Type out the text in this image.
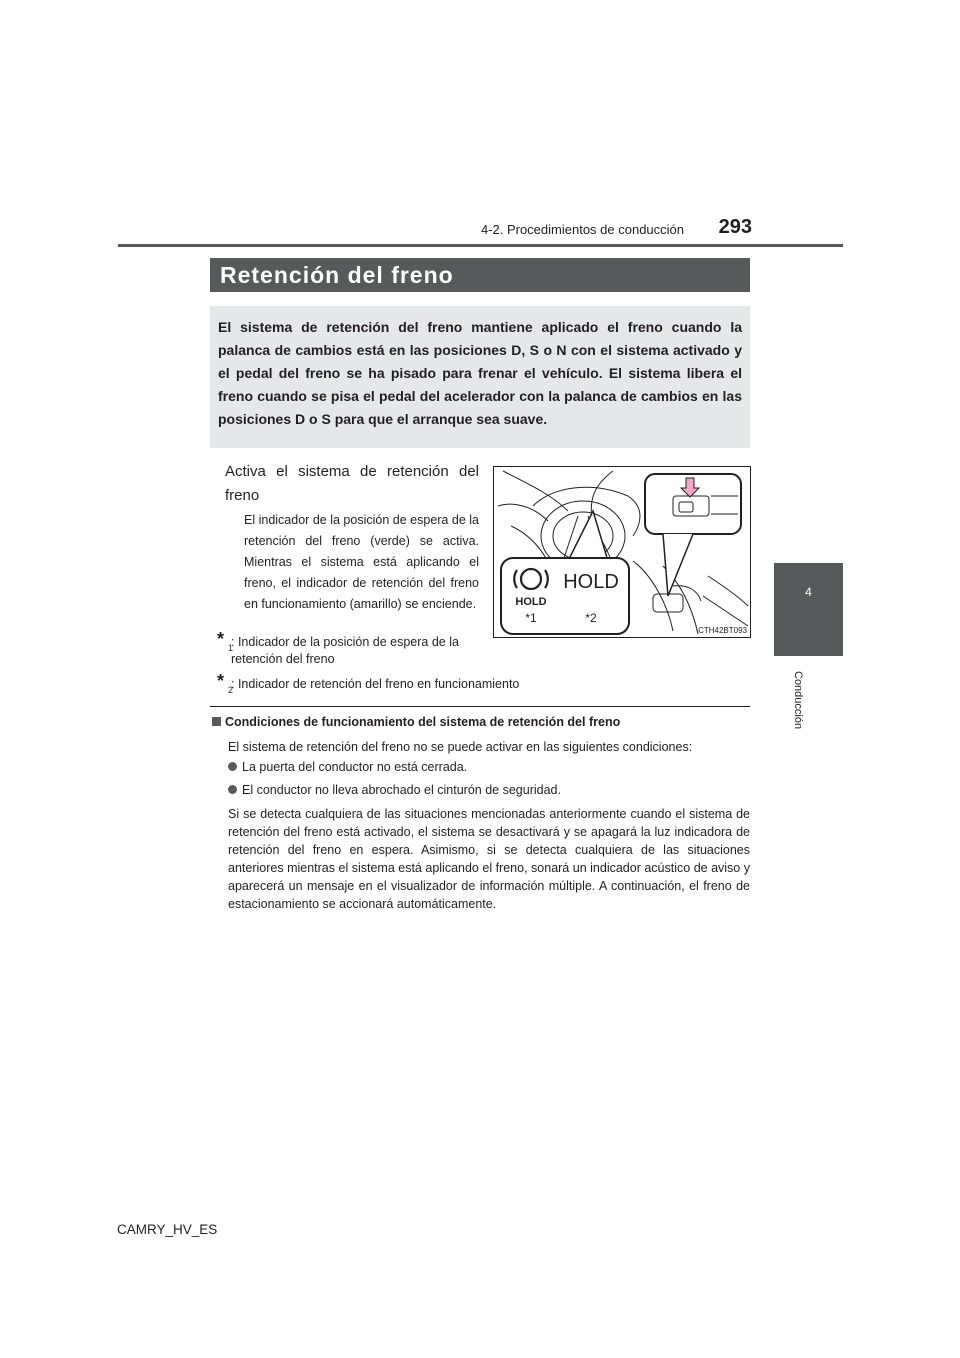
4-2. Procedimientos de conducción	293
4
Conducción
Retención del freno

El sistema de retención del freno mantiene aplicado el freno cuando la palanca de cambios está en las posiciones D, S o N con el sistema activado y el pedal del freno se ha pisado para frenar el vehículo. El sistema libera el freno cuando se pisa el pedal del acelerador con la palanca de cambios en las posiciones D o S para que el arranque sea suave.

Activa el sistema de retención del freno
El indicador de la posición de espera de la retención del freno (verde) se activa. Mientras el sistema está aplicando el freno, el indicador de retención del freno en funcionamiento (amarillo) se enciende.
* 1
: Indicador de la posición de espera de la retención del freno
* 2
: Indicador de retención del freno en funcionamiento
HOLD
HOLD
*1	*2
CTH42BT093
Condiciones de funcionamiento del sistema de retención del freno
El sistema de retención del freno no se puede activar en las siguientes condiciones:
La puerta del conductor no está cerrada.
El conductor no lleva abrochado el cinturón de seguridad.
Si se detecta cualquiera de las situaciones mencionadas anteriormente cuando el sistema de retención del freno está activado, el sistema se desactivará y se apagará la luz indicadora de retención del freno en espera. Asimismo, si se detecta cualquiera de las situaciones anteriores mientras el sistema está aplicando el freno, sonará un indicador acústico de aviso y aparecerá un mensaje en el visualizador de información múltiple. A continuación, el freno de estacionamiento se accionará automáticamente.
CAMRY_HV_ES
